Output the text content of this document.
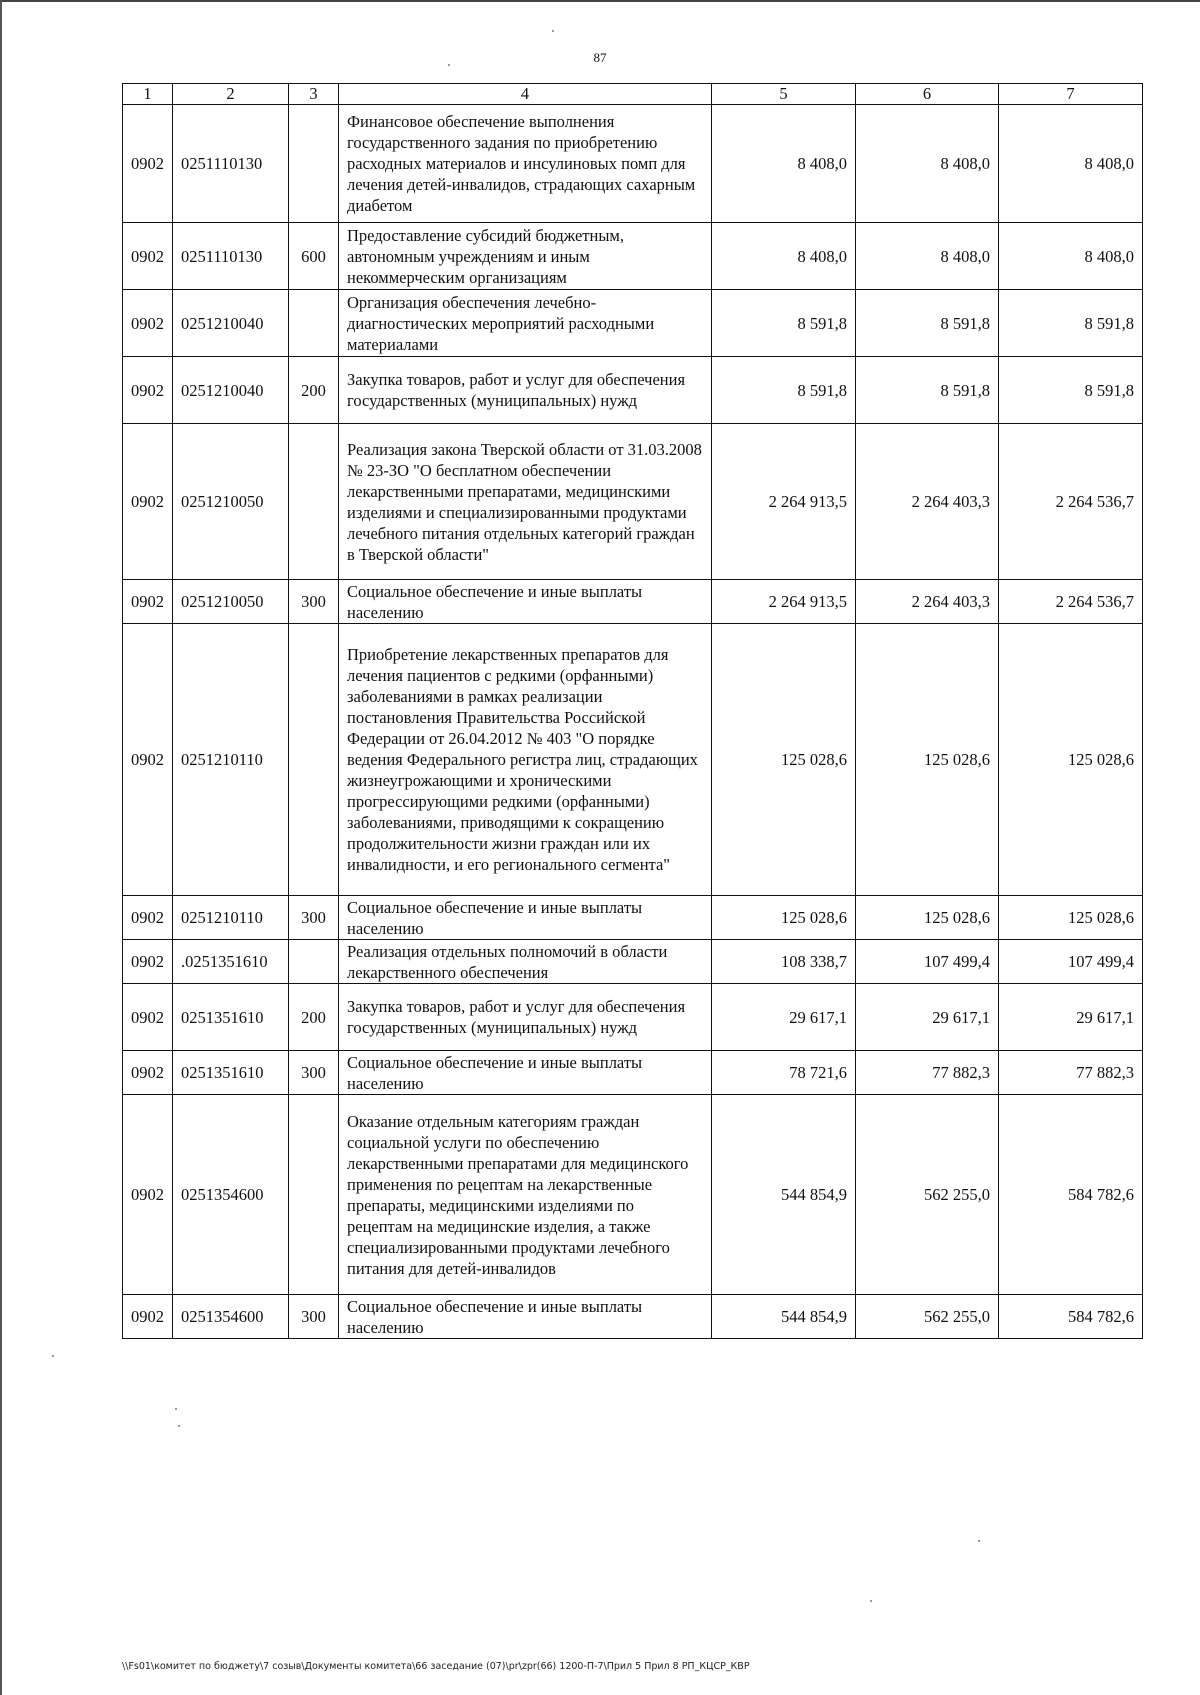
87
1	2	3	4	5	6	7
0902	0251110130		Финансовое обеспечение выполнения государственного задания по приобретению расходных материалов и инсулиновых помп для лечения детей-инвалидов, страдающих сахарным диабетом	8 408,0	8 408,0	8 408,0
0902	0251110130	600	Предоставление субсидий бюджетным, автономным учреждениям и иным некоммерческим организациям	8 408,0	8 408,0	8 408,0
0902	0251210040		Организация обеспечения лечебно-диагностических мероприятий расходными материалами	8 591,8	8 591,8	8 591,8
0902	0251210040	200	Закупка товаров, работ и услуг для обеспечения государственных (муниципальных) нужд	8 591,8	8 591,8	8 591,8
0902	0251210050		Реализация закона Тверской области от 31.03.2008 № 23-ЗО "О бесплатном обеспечении лекарственными препаратами, медицинскими изделиями и специализированными продуктами лечебного питания отдельных категорий граждан в Тверской области"	2 264 913,5	2 264 403,3	2 264 536,7
0902	0251210050	300	Социальное обеспечение и иные выплаты населению	2 264 913,5	2 264 403,3	2 264 536,7
0902	0251210110		Приобретение лекарственных препаратов для лечения пациентов с редкими (орфанными) заболеваниями в рамках реализации постановления Правительства Российской Федерации от 26.04.2012 № 403 "О порядке ведения Федерального регистра лиц, страдающих жизнеугрожающими и хроническими прогрессирующими редкими (орфанными) заболеваниями, приводящими к сокращению продолжительности жизни граждан или их инвалидности, и его регионального сегмента"	125 028,6	125 028,6	125 028,6
0902	0251210110	300	Социальное обеспечение и иные выплаты населению	125 028,6	125 028,6	125 028,6
0902	.0251351610		Реализация отдельных полномочий в области лекарственного обеспечения	108 338,7	107 499,4	107 499,4
0902	0251351610	200	Закупка товаров, работ и услуг для обеспечения государственных (муниципальных) нужд	29 617,1	29 617,1	29 617,1
0902	0251351610	300	Социальное обеспечение и иные выплаты населению	78 721,6	77 882,3	77 882,3
0902	0251354600		Оказание отдельным категориям граждан социальной услуги по обеспечению лекарственными препаратами для медицинского применения по рецептам на лекарственные препараты, медицинскими изделиями по рецептам на медицинские изделия, а также специализированными продуктами лечебного питания для детей-инвалидов	544 854,9	562 255,0	584 782,6
0902	0251354600	300	Социальное обеспечение и иные выплаты населению	544 854,9	562 255,0	584 782,6
\\Fs01\комитет по бюджету\7 созыв\Документы комитета\66 заседание (07)\pr\zpr(66) 1200-П-7\Прил 5 Прил 8 РП_КЦСР_КВР
